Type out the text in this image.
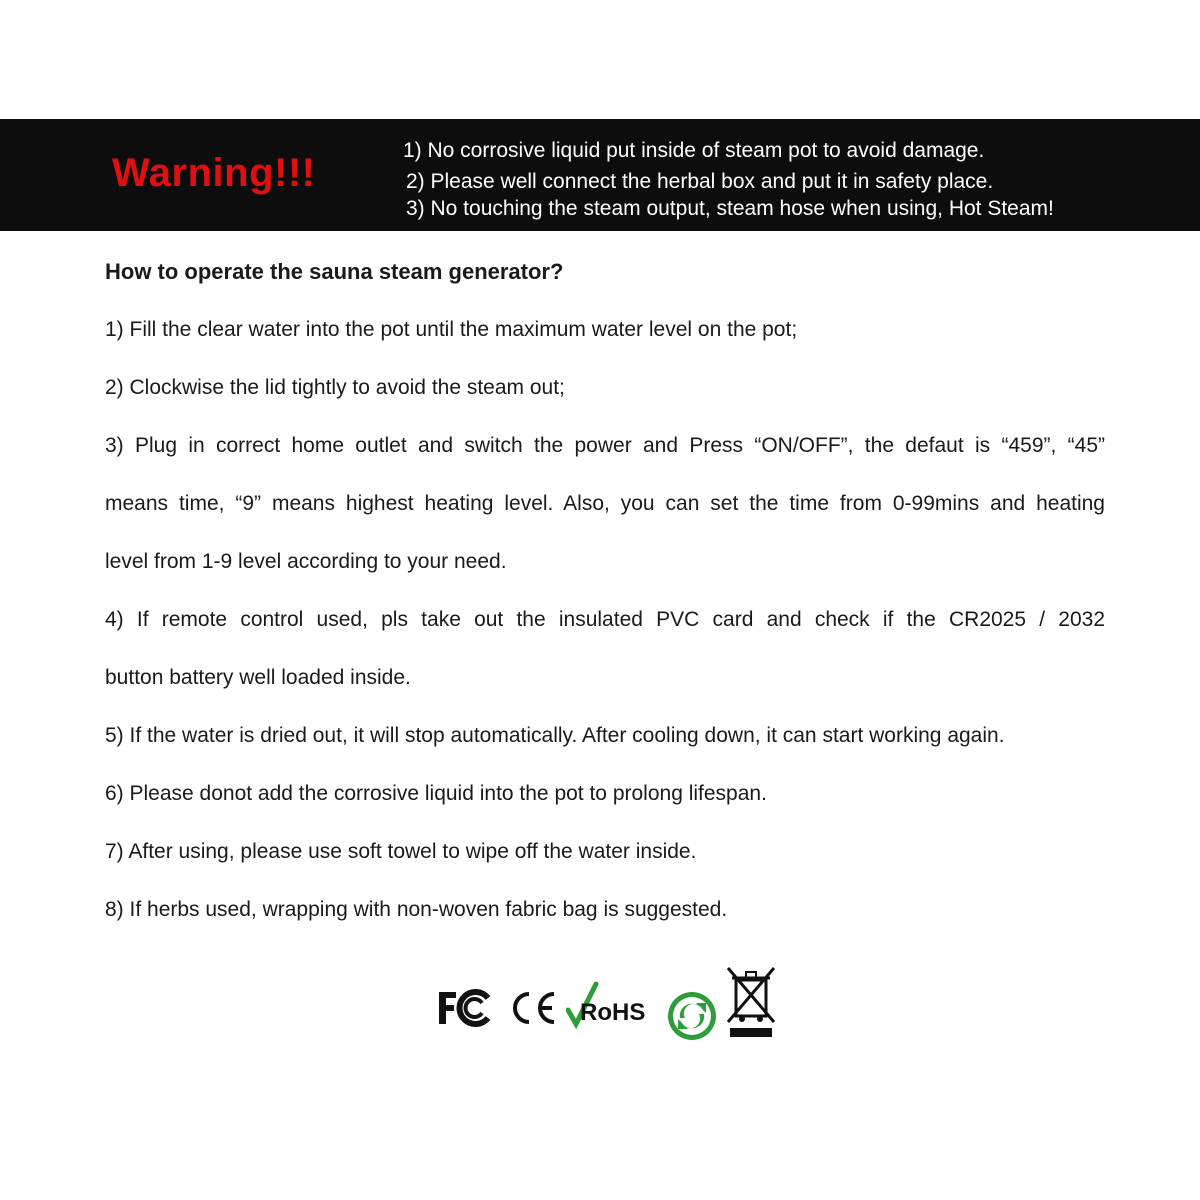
Warning!!!
1) No corrosive liquid put inside of steam pot to avoid damage.
2) Please well connect the herbal box and put it in safety place.
3) No touching the steam output, steam hose when using, Hot Steam!
How to operate the sauna steam generator?
1) Fill the clear water into the pot until the maximum water level on the pot;
2) Clockwise the lid tightly to avoid the steam out;
3) Plug in correct home outlet and switch the power and Press “ON/OFF”, the defaut is “459”, “45”
means time, “9” means highest heating level. Also, you can set the time from 0-99mins and heating
level from 1-9 level according to your need.
4) If remote control used, pls take out the insulated PVC card and check if the CR2025 / 2032
button battery well loaded inside.
5) If the water is dried out, it will stop automatically. After cooling down, it can start working again.
6) Please donot add the corrosive liquid into the pot to prolong lifespan.
7) After using, please use soft towel to wipe off the water inside.
8) If herbs used, wrapping with non-woven fabric bag is suggested.
RoHS
